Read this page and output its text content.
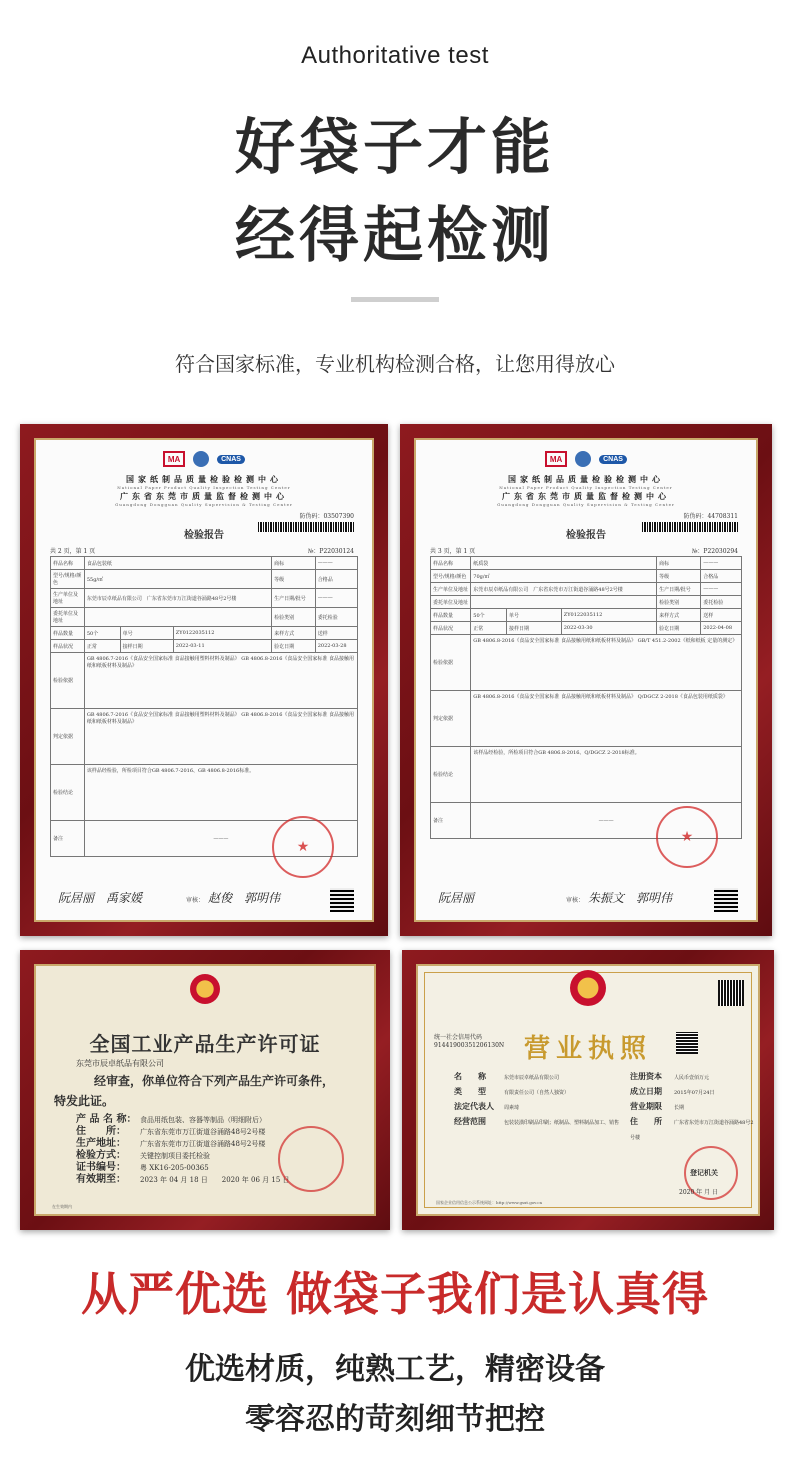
Authoritative test
好袋子才能
经得起检测
符合国家标准，专业机构检测合格，让您用得放心
MA	CNAS
国家纸制品质量检验检测中心
National Paper Product Quality Inspection Testing Center
广东省东莞市质量监督检测中心
Guangdong Dongguan Quality Supervision & Testing Center
防伪码：03507390
检验报告
共 2 页，第 1 页	№：P22030124
样品名称	食品包装纸			商标	———
型号/规格/颜色	55g/㎡			等级	合格品
生产单位及地址	东莞市辰卓纸品有限公司　广东省东莞市万江街道谷涌路48号2号楼			生产日期/批号	———
委托单位及地址				检验类别	委托检验
样品数量	50个	单号	ZY0122035112	来样方式	送样
样品状况	正常	接样日期	2022-03-11	验讫日期	2022-03-28
检验依据	GB 4806.7-2016《食品安全国家标准 食品接触用塑料材料及制品》 GB 4806.8-2016《食品安全国家标准 食品接触用纸和纸板材料及制品》				
判定依据	GB 4806.7-2016《食品安全国家标准 食品接触用塑料材料及制品》 GB 4806.8-2016《食品安全国家标准 食品接触用纸和纸板材料及制品》				
检验结论	该样品经检验，所检项目符合GB 4806.7-2016、GB 4806.8-2016标准。				
备注	———				
★
阮居丽　禹家媛	审核： 赵俊　郭明伟
MA	CNAS
国家纸制品质量检验检测中心
National Paper Product Quality Inspection Testing Center
广东省东莞市质量监督检测中心
Guangdong Dongguan Quality Supervision & Testing Center
防伪码：44708311
检验报告
共 3 页，第 1 页	№：P22030294
样品名称	纸质袋			商标	———
型号/规格/颜色	70g/㎡			等级	合格品
生产单位及地址	东莞市辰卓纸品有限公司　广东省东莞市万江街道谷涌路48号2号楼			生产日期/批号	———
委托单位及地址				检验类别	委托检验
样品数量	50个	单号	ZY0122035112	来样方式	送样
样品状况	正常	接样日期	2022-03-30	验讫日期	2022-04-08
检验依据	GB 4806.8-2016《食品安全国家标准 食品接触用纸和纸板材料及制品》 GB/T 451.2-2002《纸和纸板 定量的测定》				
判定依据	GB 4806.8-2016《食品安全国家标准 食品接触用纸和纸板材料及制品》 Q/DGCZ 2-2018《食品包装用纸质袋》				
检验结论	该样品经检验，所检项目符合GB 4806.8-2016、Q/DGCZ 2-2018标准。				
备注	———				
★
阮居丽	审核： 朱振文　郭明伟
全国工业产品生产许可证
东莞市辰卓纸品有限公司
经审查，你单位符合下列产品生产许可条件，
特发此证。
产 品 名 称： 食品用纸包装、容器等制品（明细附后）
住　　所： 广东省东莞市万江街道谷涌路48号2号楼
生产地址： 广东省东莞市万江街道谷涌路48号2号楼
检验方式： 关键控制项目委托检验
证书编号： 粤 XK16-205-00365
有效期至： 2023 年 04 月 18 日　　2020 年 06 月 15 日
在生效期内
统一社会信用代码
91441900351206130N 营业执照
名　　称	东莞市辰卓纸品有限公司
类　　型	有限责任公司（自然人独资）
法定代表人 周素琦
经营范围	包装装潢印刷品印刷；纸制品、塑料制品加工、销售
注册资本 人民币壹佰万元
成立日期 2015年07月24日
营业期限 长期
住　　所 广东省东莞市万江街道谷涌路48号2号楼
登记机关
2020 年 月 日
国家企业信用信息公示系统网址：http://www.gsxt.gov.cn
从严优选 做袋子我们是认真得
优选材质，纯熟工艺，精密设备
零容忍的苛刻细节把控
